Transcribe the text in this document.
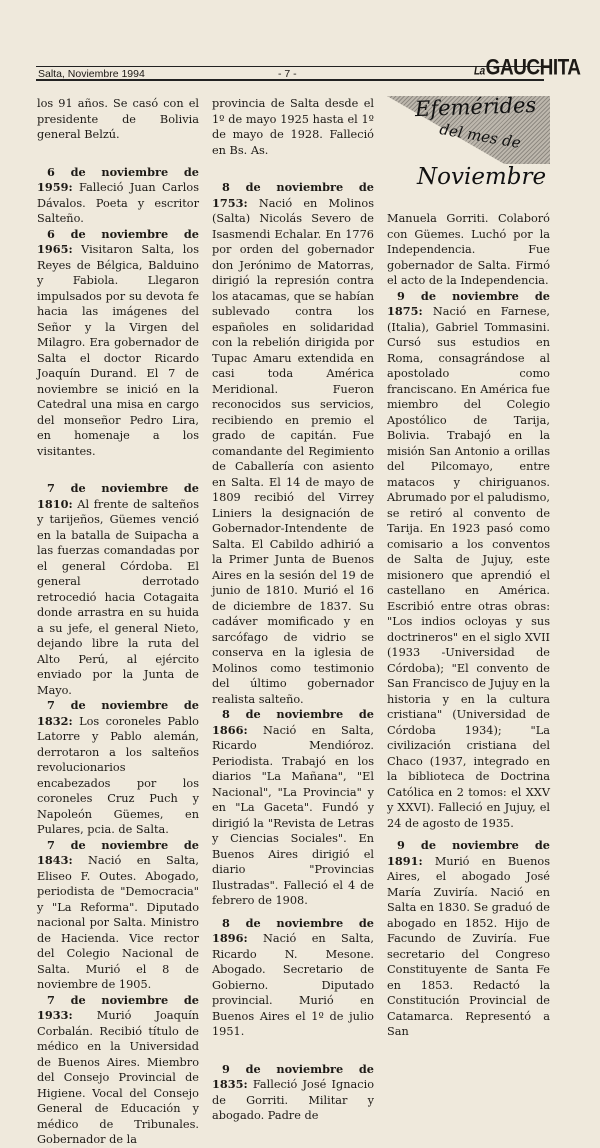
Salta, Noviembre 1994	- 7 -	LaGAUCHITA

los 91 años. Se casó con el presidente de Bolivia general Belzú.

6 de noviembre de 1959: Falleció Juan Carlos Dávalos. Poeta y escritor Salteño.

6 de noviembre de 1965: Visitaron Salta, los Reyes de Bélgica, Balduino y Fabiola. Llegaron impulsados por su devota fe hacia las imágenes del Señor y la Virgen del Milagro. Era gobernador de Salta el doctor Ricardo Joaquín Durand. El 7 de noviembre se inició en la Catedral una misa en cargo del monseñor Pedro Lira, en homenaje a los visitantes.

7 de noviembre de 1810: Al frente de salteños y tarijeños, Güemes venció en la batalla de Suipacha a las fuerzas comandadas por el general Córdoba. El general derrotado retrocedió hacia Cotagaita donde arrastra en su huida a su jefe, el general Nieto, dejando libre la ruta del Alto Perú, al ejército enviado por la Junta de Mayo.

7 de noviembre de 1832: Los coroneles Pablo Latorre y Pablo alemán, derrotaron a los salteños revolucionarios encabezados por los coroneles Cruz Puch y Napoleón Güemes, en Pulares, pcia. de Salta.

7 de noviembre de 1843: Nació en Salta, Eliseo F. Outes. Abogado, periodista de "Democracia" y "La Reforma". Diputado nacional por Salta. Ministro de Hacienda. Vice rector del Colegio Nacional de Salta. Murió el 8 de noviembre de 1905.

7 de noviembre de 1933: Murió Joaquín Corbalán. Recibió título de médico en la Universidad de Buenos Aires. Miembro del Consejo Provincial de Higiene. Vocal del Consejo General de Educación y médico de Tribunales. Gobernador de la

provincia de Salta desde el 1º de mayo 1925 hasta el 1º de mayo de 1928. Falleció en Bs. As.

8 de noviembre de 1753: Nació en Molinos (Salta) Nicolás Severo de Isasmendi Echalar. En 1776 por orden del gobernador don Jerónimo de Matorras, dirigió la represión contra los atacamas, que se habían sublevado contra los españoles en solidaridad con la rebelión dirigida por Tupac Amaru extendida en casi toda América Meridional. Fueron reconocidos sus servicios, recibiendo en premio el grado de capitán. Fue comandante del Regimiento de Caballería con asiento en Salta. El 14 de mayo de 1809 recibió del Virrey Liniers la designación de Gobernador-Intendente de Salta. El Cabildo adhirió a la Primer Junta de Buenos Aires en la sesión del 19 de junio de 1810. Murió el 16 de diciembre de 1837. Su cadáver momificado y en sarcófago de vidrio se conserva en la iglesia de Molinos como testimonio del último gobernador realista salteño.

8 de noviembre de 1866: Nació en Salta, Ricardo Mendióroz. Periodista. Trabajó en los diarios "La Mañana", "El Nacional", "La Provincia" y en "La Gaceta". Fundó y dirigió la "Revista de Letras y Ciencias Sociales". En Buenos Aires dirigió el diario "Provincias Ilustradas". Falleció el 4 de febrero de 1908.

8 de noviembre de 1896: Nació en Salta, Ricardo N. Mesone. Abogado. Secretario de Gobierno. Diputado provincial. Murió en Buenos Aires el 1º de julio 1951.

9 de noviembre de 1835: Falleció José Ignacio de Gorriti. Militar y abogado. Padre de

Efemérides
del mes de
Noviembre

Manuela Gorriti. Colaboró con Güemes. Luchó por la Independencia. Fue gobernador de Salta. Firmó el acto de la Independencia.

9 de noviembre de 1875: Nació en Farnese, (Italia), Gabriel Tommasini. Cursó sus estudios en Roma, consagrándose al apostolado como franciscano. En América fue miembro del Colegio Apostólico de Tarija, Bolivia. Trabajó en la misión San Antonio a orillas del Pilcomayo, entre matacos y chiriguanos. Abrumado por el paludismo, se retiró al convento de Tarija. En 1923 pasó como comisario a los conventos de Salta de Jujuy, este misionero que aprendió el castellano en América. Escribió entre otras obras: "Los indios ocloyas y sus doctrineros" en el siglo XVII (1933 -Universidad de Córdoba); "El convento de San Francisco de Jujuy en la historia y en la cultura cristiana" (Universidad de Córdoba 1934); "La civilización cristiana del Chaco (1937, integrado en la biblioteca de Doctrina Católica en 2 tomos: el XXV y XXVI). Falleció en Jujuy, el 24 de agosto de 1935.

9 de noviembre de 1891: Murió en Buenos Aires, el abogado José María Zuviría. Nació en Salta en 1830. Se graduó de abogado en 1852. Hijo de Facundo de Zuviría. Fue secretario del Congreso Constituyente de Santa Fe en 1853. Redactó la Constitución Provincial de Catamarca. Representó a San
